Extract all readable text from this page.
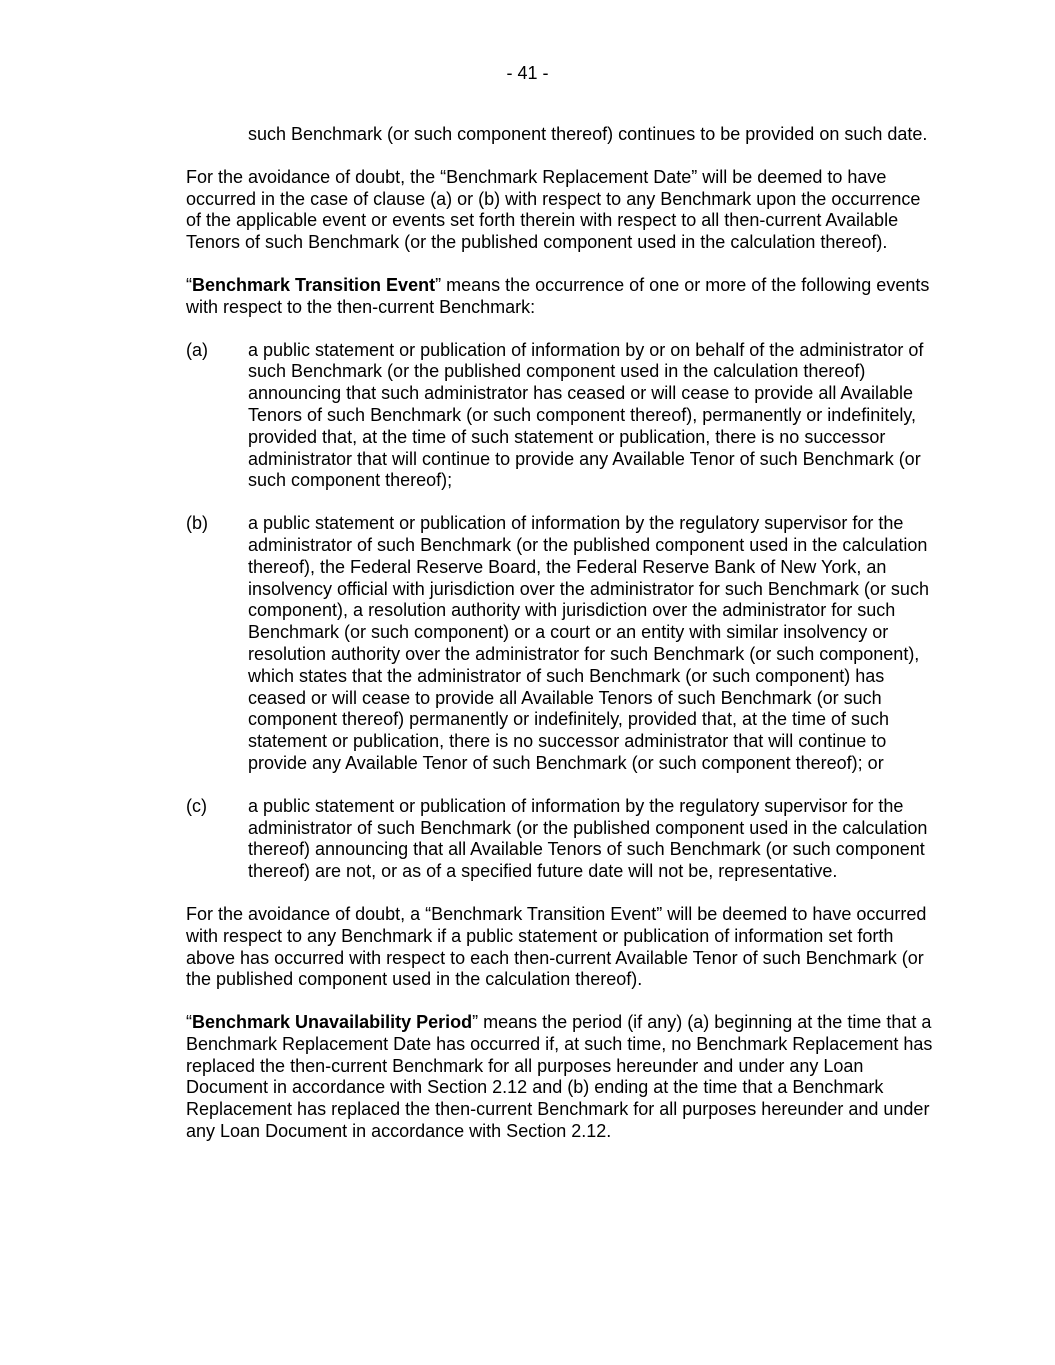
- 41 -

such Benchmark (or such component thereof) continues to be provided on such date.

For the avoidance of doubt, the “Benchmark Replacement Date” will be deemed to have occurred in the case of clause (a) or (b) with respect to any Benchmark upon the occurrence of the applicable event or events set forth therein with respect to all then-current Available Tenors of such Benchmark (or the published component used in the calculation thereof).

“Benchmark Transition Event” means the occurrence of one or more of the following events with respect to the then-current Benchmark:

(a)	a public statement or publication of information by or on behalf of the administrator of such Benchmark (or the published component used in the calculation thereof) announcing that such administrator has ceased or will cease to provide all Available Tenors of such Benchmark (or such component thereof), permanently or indefinitely, provided that, at the time of such statement or publication, there is no successor administrator that will continue to provide any Available Tenor of such Benchmark (or such component thereof);
(b)	a public statement or publication of information by the regulatory supervisor for the administrator of such Benchmark (or the published component used in the calculation thereof), the Federal Reserve Board, the Federal Reserve Bank of New York, an insolvency official with jurisdiction over the administrator for such Benchmark (or such component), a resolution authority with jurisdiction over the administrator for such Benchmark (or such component) or a court or an entity with similar insolvency or resolution authority over the administrator for such Benchmark (or such component), which states that the administrator of such Benchmark (or such component) has ceased or will cease to provide all Available Tenors of such Benchmark (or such component thereof) permanently or indefinitely, provided that, at the time of such statement or publication, there is no successor administrator that will continue to provide any Available Tenor of such Benchmark (or such component thereof); or
(c)	a public statement or publication of information by the regulatory supervisor for the administrator of such Benchmark (or the published component used in the calculation thereof) announcing that all Available Tenors of such Benchmark (or such component thereof) are not, or as of a specified future date will not be, representative.

For the avoidance of doubt, a “Benchmark Transition Event” will be deemed to have occurred with respect to any Benchmark if a public statement or publication of information set forth above has occurred with respect to each then-current Available Tenor of such Benchmark (or the published component used in the calculation thereof).

“Benchmark Unavailability Period” means the period (if any) (a) beginning at the time that a Benchmark Replacement Date has occurred if, at such time, no Benchmark Replacement has replaced the then-current Benchmark for all purposes hereunder and under any Loan Document in accordance with Section 2.12 and (b) ending at the time that a Benchmark Replacement has replaced the then-current Benchmark for all purposes hereunder and under any Loan Document in accordance with Section 2.12.
